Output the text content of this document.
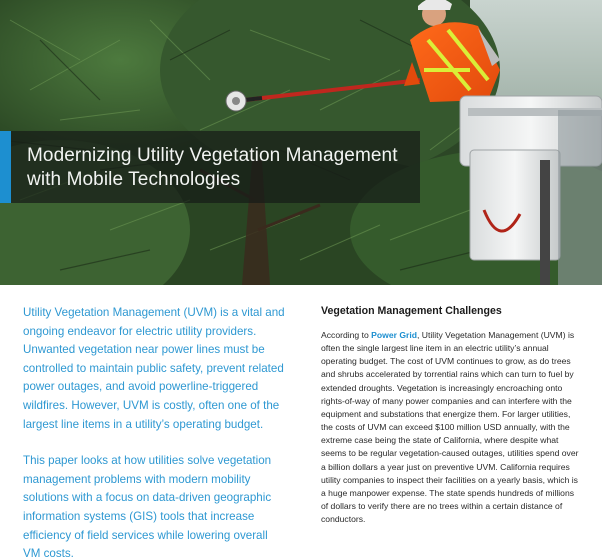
Modernizing Utility Vegetation Management with Mobile Technologies

Utility Vegetation Management (UVM) is a vital and ongoing endeavor for electric utility providers. Unwanted vegetation near power lines must be controlled to maintain public safety, prevent related power outages, and avoid powerline-triggered wildfires. However, UVM is costly, often one of the largest line items in a utility’s operating budget.

This paper looks at how utilities solve vegetation management problems with modern mobility solutions with a focus on data-driven geographic information systems (GIS) tools that increase efficiency of field services while lowering overall VM costs.

Vegetation Management Challenges

According to Power Grid, Utility Vegetation Management (UVM) is often the single largest line item in an electric utility’s annual operating budget. The cost of UVM continues to grow, as do trees and shrubs accelerated by torrential rains which can turn to fuel by extended droughts. Vegetation is increasingly encroaching onto rights-of-way of many power companies and can interfere with the equipment and substations that energize them. For larger utilities, the costs of UVM can exceed $100 million USD annually, with the extreme case being the state of California, where despite what seems to be regular vegetation-caused outages, utilities spend over a billion dollars a year just on preventive UVM. California requires utility companies to inspect their facilities on a yearly basis, which is a huge manpower expense. The state spends hundreds of millions of dollars to verify there are no trees within a certain distance of conductors.
